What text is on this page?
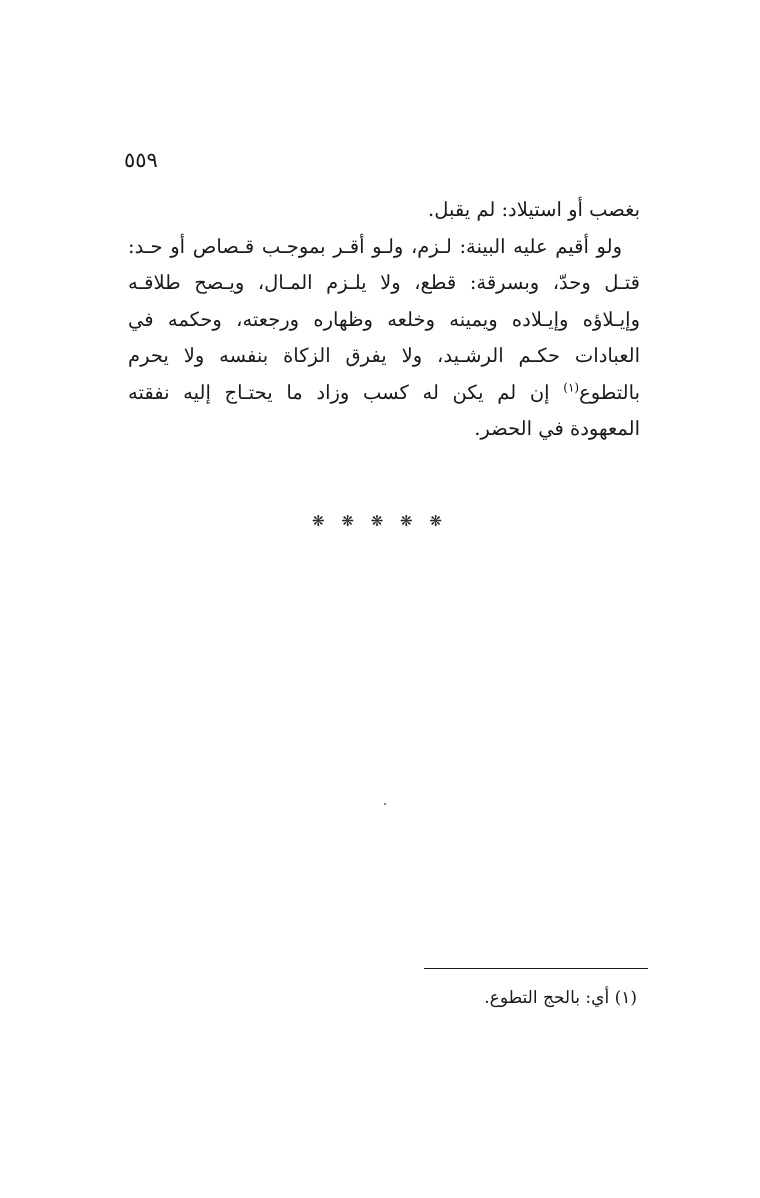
٥٥٩

بغصب أو استيلاد: لم يقبل.

ولو أقيم عليه البينة: لـزم، ولـو أقـر بموجـب قـصاص أو حـد: قتـل وحدّ، وبسرقة: قطع، ولا يلـزم المـال، ويـصح طلاقـه وإيـلاؤه وإيـلاده ويمينه وخلعه وظهاره ورجعته، وحكمه في العبادات حكـم الرشـيد، ولا يفرق الزكاة بنفسه ولا يحرم بالتطوع$^{(١)}$ إن لم يكن له كسب وزاد ما يحتـاج إليه نفقته المعهودة في الحضر.

❋ ❋ ❋ ❋ ❋
(١) أي: بالحج التطوع.
